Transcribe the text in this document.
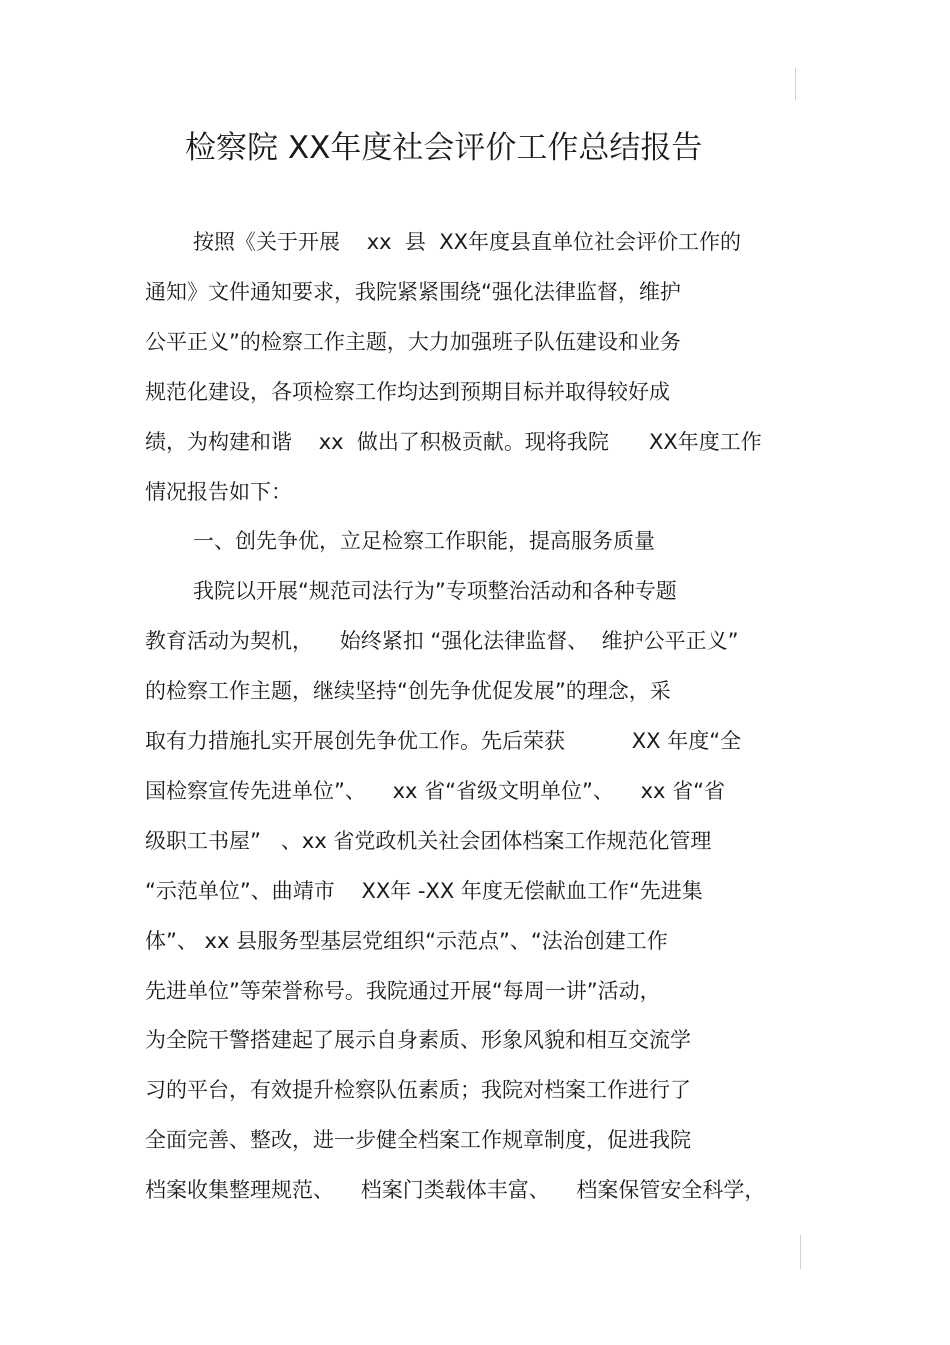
检察院 XX年度社会评价工作总结报告

按照《关于开展    xx  县  XX年度县直单位社会评价工作的

通知》文件通知要求，我院紧紧围绕“强化法律监督，维护

公平正义”的检察工作主题，大力加强班子队伍建设和业务

规范化建设，各项检察工作均达到预期目标并取得较好成

绩，为构建和谐    xx  做出了积极贡献。现将我院      XX年度工作

情况报告如下：

一、创先争优，立足检察工作职能，提高服务质量

我院以开展“规范司法行为”专项整治活动和各种专题

教育活动为契机，    始终紧扣 “强化法律监督、  维护公平正义”

的检察工作主题，继续坚持“创先争优促发展”的理念，采

取有力措施扎实开展创先争优工作。先后荣获          XX 年度“全

国检察宣传先进单位”、    xx 省“省级文明单位”、    xx 省“省

级职工书屋”   、xx 省党政机关社会团体档案工作规范化管理

“示范单位”、曲靖市    XX年 -XX 年度无偿献血工作“先进集

体”、 xx 县服务型基层党组织“示范点”、“法治创建工作

先进单位”等荣誉称号。我院通过开展“每周一讲”活动，

为全院干警搭建起了展示自身素质、形象风貌和相互交流学

习的平台，有效提升检察队伍素质；我院对档案工作进行了

全面完善、整改，进一步健全档案工作规章制度，促进我院

档案收集整理规范、    档案门类载体丰富、    档案保管安全科学，
